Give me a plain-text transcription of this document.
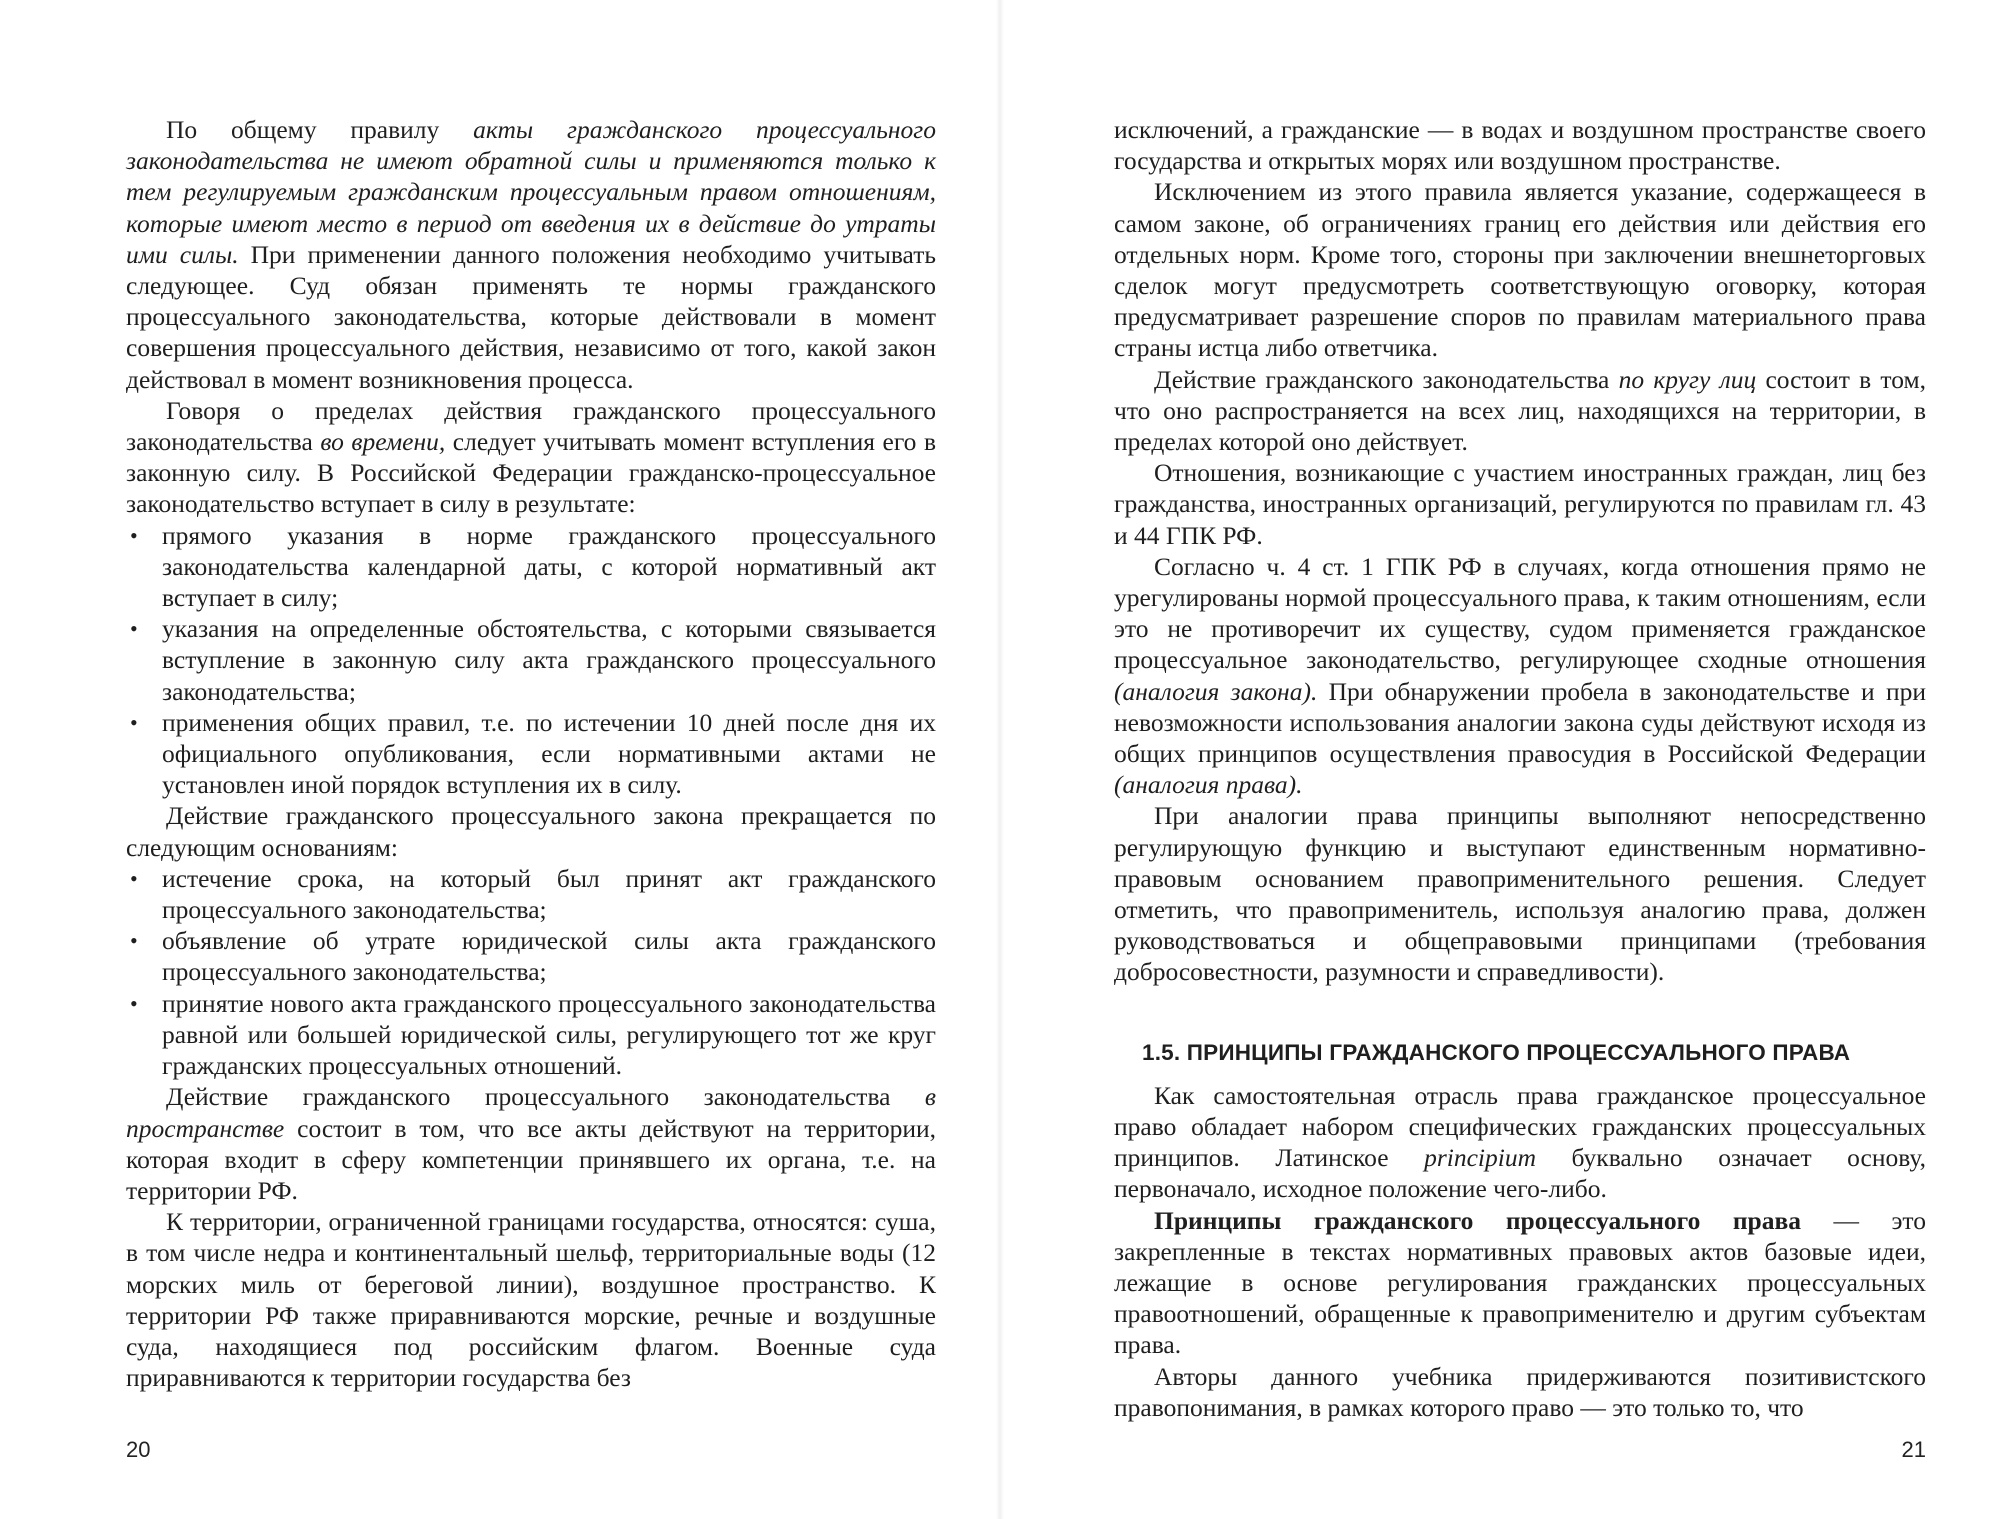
По общему правилу акты гражданского процессуального законодательства не имеют обратной силы и применяются только к тем регулируемым гражданским процессуальным правом отношениям, которые имеют место в период от введения их в действие до утраты ими силы. При применении данного положения необходимо учитывать следующее. Суд обязан применять те нормы гражданского процессуального законодательства, которые действовали в момент совершения процессуального действия, независимо от того, какой закон действовал в момент возникновения процесса.

Говоря о пределах действия гражданского процессуального законодательства во времени, следует учитывать момент вступления его в законную силу. В Российской Федерации гражданско-процессуальное законодательство вступает в силу в результате:

• прямого указания в норме гражданского процессуального законодательства календарной даты, с которой нормативный акт вступает в силу;
• указания на определенные обстоятельства, с которыми связывается вступление в законную силу акта гражданского процессуального законодательства;
• применения общих правил, т.е. по истечении 10 дней после дня их официального опубликования, если нормативными актами не установлен иной порядок вступления их в силу.

Действие гражданского процессуального закона прекращается по следующим основаниям:

• истечение срока, на который был принят акт гражданского процессуального законодательства;
• объявление об утрате юридической силы акта гражданского процессуального законодательства;
• принятие нового акта гражданского процессуального законодательства равной или большей юридической силы, регулирующего тот же круг гражданских процессуальных отношений.

Действие гражданского процессуального законодательства в пространстве состоит в том, что все акты действуют на территории, которая входит в сферу компетенции принявшего их органа, т.е. на территории РФ.

К территории, ограниченной границами государства, относятся: суша, в том числе недра и континентальный шельф, территориальные воды (12 морских миль от береговой линии), воздушное пространство. К территории РФ также приравниваются морские, речные и воздушные суда, находящиеся под российским флагом. Военные суда приравниваются к территории государства без

20

исключений, а гражданские — в водах и воздушном пространстве своего государства и открытых морях или воздушном пространстве.

Исключением из этого правила является указание, содержащееся в самом законе, об ограничениях границ его действия или действия его отдельных норм. Кроме того, стороны при заключении внешнеторговых сделок могут предусмотреть соответствующую оговорку, которая предусматривает разрешение споров по правилам материального права страны истца либо ответчика.

Действие гражданского законодательства по кругу лиц состоит в том, что оно распространяется на всех лиц, находящихся на территории, в пределах которой оно действует.

Отношения, возникающие с участием иностранных граждан, лиц без гражданства, иностранных организаций, регулируются по правилам гл. 43 и 44 ГПК РФ.

Согласно ч. 4 ст. 1 ГПК РФ в случаях, когда отношения прямо не урегулированы нормой процессуального права, к таким отношениям, если это не противоречит их существу, судом применяется гражданское процессуальное законодательство, регулирующее сходные отношения (аналогия закона). При обнаружении пробела в законодательстве и при невозможности использования аналогии закона суды действуют исходя из общих принципов осуществления правосудия в Российской Федерации (аналогия права).

При аналогии права принципы выполняют непосредственно регулирующую функцию и выступают единственным нормативно-правовым основанием правоприменительного решения. Следует отметить, что правоприменитель, используя аналогию права, должен руководствоваться и общеправовыми принципами (требования добросовестности, разумности и справедливости).

1.5. ПРИНЦИПЫ ГРАЖДАНСКОГО ПРОЦЕССУАЛЬНОГО ПРАВА

Как самостоятельная отрасль права гражданское процессуальное право обладает набором специфических гражданских процессуальных принципов. Латинское principium буквально означает основу, первоначало, исходное положение чего-либо.

Принципы гражданского процессуального права — это закрепленные в текстах нормативных правовых актов базовые идеи, лежащие в основе регулирования гражданских процессуальных правоотношений, обращенные к правоприменителю и другим субъектам права.

Авторы данного учебника придерживаются позитивистского правопонимания, в рамках которого право — это только то, что

21
